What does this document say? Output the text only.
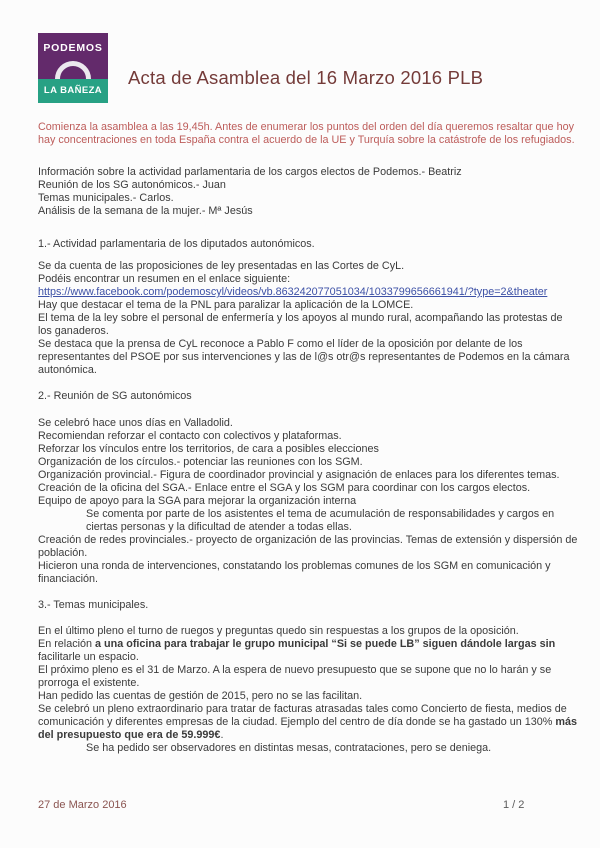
PODEMOS
LA BAÑEZA
Acta de Asamblea del 16 Marzo 2016 PLB

Comienza la asamblea a las 19,45h. Antes de enumerar los puntos del orden del día queremos resaltar que hoy hay concentraciones en toda España contra el acuerdo de la UE y Turquía sobre la catástrofe de los refugiados.

Información sobre la actividad parlamentaria de los cargos electos de Podemos.- Beatriz

Reunión de los SG autonómicos.- Juan

Temas municipales.- Carlos.

Análisis de la semana de la mujer.- Mª Jesús

1.- Actividad parlamentaria de los diputados autonómicos.

Se da cuenta de las proposiciones de ley presentadas en las Cortes de CyL.

Podéis encontrar un resumen en el enlace siguiente:

https://www.facebook.com/podemoscyl/videos/vb.863242077051034/1033799656661941/?type=2&theater

Hay que destacar el tema de la PNL para paralizar la aplicación de la LOMCE.

El tema de la ley sobre el personal de enfermería y los apoyos al mundo rural, acompañando las protestas de los ganaderos.

Se destaca que la prensa de CyL reconoce a Pablo F como el líder de la oposición por delante de los representantes del PSOE por sus intervenciones y las de l@s otr@s representantes de Podemos en la cámara autonómica.

2.- Reunión de SG autonómicos

Se celebró hace unos días en Valladolid.

Recomiendan reforzar el contacto con colectivos y plataformas.

Reforzar los vínculos entre los territorios, de cara a posibles elecciones

Organización de los círculos.- potenciar las reuniones con los SGM.

Organización provincial.- Figura de coordinador provincial y asignación de enlaces para los diferentes temas.

Creación de la oficina del SGA.- Enlace entre el SGA y los SGM para coordinar con los cargos electos.

Equipo de apoyo para la SGA para mejorar la organización interna

Se comenta por parte de los asistentes el tema de acumulación de responsabilidades y cargos en ciertas personas y la dificultad de atender a todas ellas.

Creación de redes provinciales.- proyecto de organización de las provincias. Temas de extensión y dispersión de población.

Hicieron una ronda de intervenciones, constatando los problemas comunes de los SGM en comunicación y financiación.

3.- Temas municipales.

En el último pleno el turno de ruegos y preguntas quedo sin respuestas a los grupos de la oposición.

En relación a una oficina para trabajar le grupo municipal “Si se puede LB” siguen dándole largas sin facilitarle un espacio.

El próximo pleno es el 31 de Marzo. A la espera de nuevo presupuesto que se supone que no lo harán y se prorroga el existente.

Han pedido las cuentas de gestión de 2015, pero no se las facilitan.

Se celebró un pleno extraordinario para tratar de facturas atrasadas tales como Concierto de fiesta, medios de comunicación y diferentes empresas de la ciudad. Ejemplo del centro de día donde se ha gastado un 130% más del presupuesto que era de 59.999€.

Se ha pedido ser observadores en distintas mesas, contrataciones, pero se deniega.

27 de Marzo 2016	1 / 2
